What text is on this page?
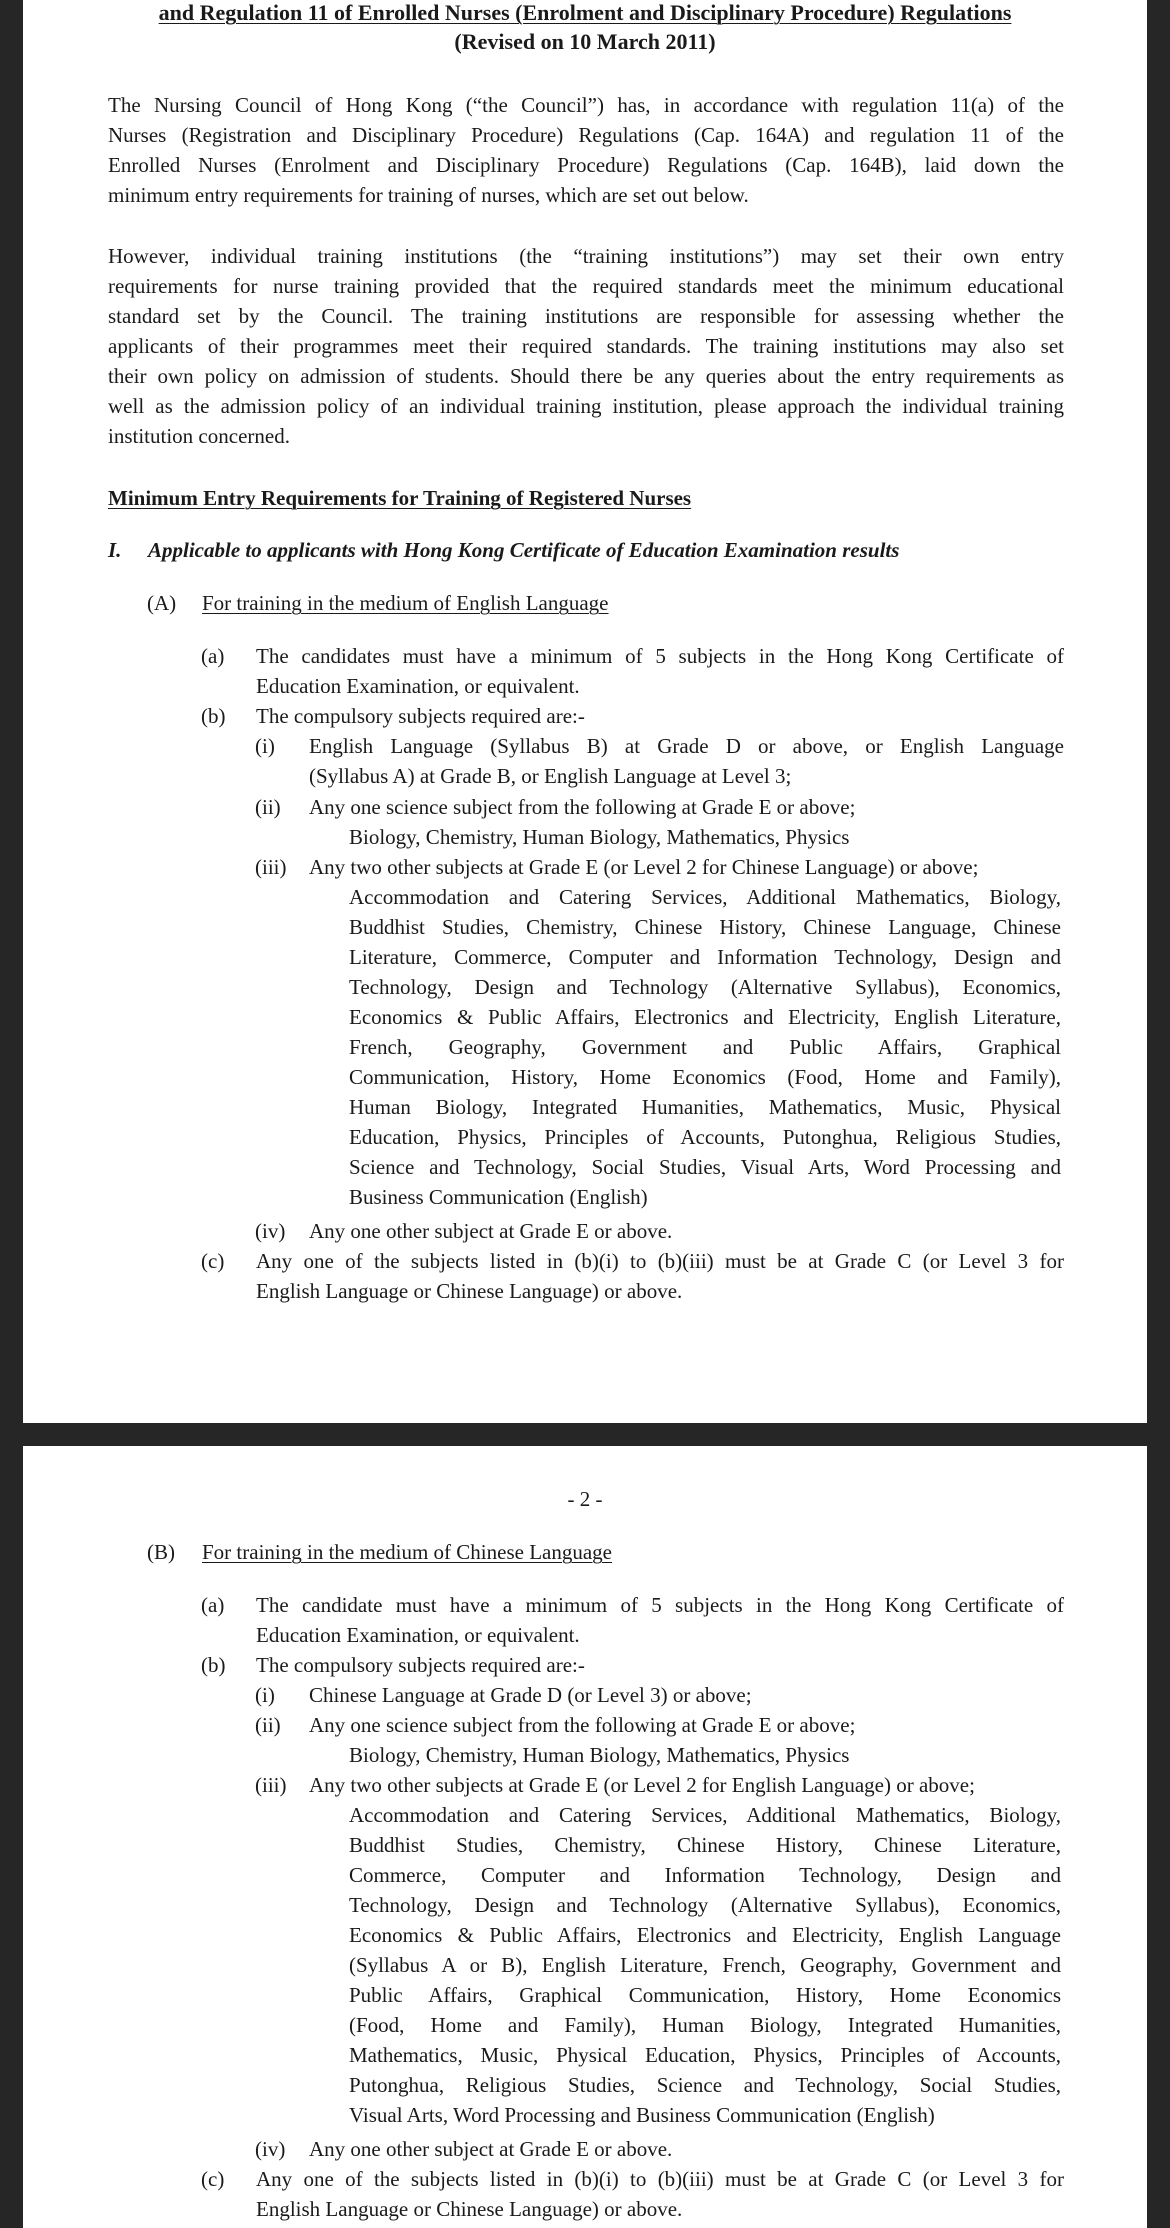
and Regulation 11 of Enrolled Nurses (Enrolment and Disciplinary Procedure) Regulations
(Revised on 10 March 2011)
The Nursing Council of Hong Kong (“the Council”) has, in accordance with regulation 11(a) of the
Nurses (Registration and Disciplinary Procedure) Regulations (Cap. 164A) and regulation 11 of the
Enrolled Nurses (Enrolment and Disciplinary Procedure) Regulations (Cap. 164B), laid down the
minimum entry requirements for training of nurses, which are set out below.
However, individual training institutions (the “training institutions”) may set their own entry
requirements for nurse training provided that the required standards meet the minimum educational
standard set by the Council. The training institutions are responsible for assessing whether the
applicants of their programmes meet their required standards. The training institutions may also set
their own policy on admission of students. Should there be any queries about the entry requirements as
well as the admission policy of an individual training institution, please approach the individual training
institution concerned.
Minimum Entry Requirements for Training of Registered Nurses
I. Applicable to applicants with Hong Kong Certificate of Education Examination results
(A) For training in the medium of English Language
(a) The candidates must have a minimum of 5 subjects in the Hong Kong Certificate of
Education Examination, or equivalent.
(b) The compulsory subjects required are:-
(i) English Language (Syllabus B) at Grade D or above, or English Language
(Syllabus A) at Grade B, or English Language at Level 3;
(ii) Any one science subject from the following at Grade E or above;
Biology, Chemistry, Human Biology, Mathematics, Physics
(iii) Any two other subjects at Grade E (or Level 2 for Chinese Language) or above;
Accommodation and Catering Services, Additional Mathematics, Biology,
Buddhist Studies, Chemistry, Chinese History, Chinese Language, Chinese
Literature, Commerce, Computer and Information Technology, Design and
Technology, Design and Technology (Alternative Syllabus), Economics,
Economics & Public Affairs, Electronics and Electricity, English Literature,
French, Geography, Government and Public Affairs, Graphical
Communication, History, Home Economics (Food, Home and Family),
Human Biology, Integrated Humanities, Mathematics, Music, Physical
Education, Physics, Principles of Accounts, Putonghua, Religious Studies,
Science and Technology, Social Studies, Visual Arts, Word Processing and
Business Communication (English)
(iv) Any one other subject at Grade E or above.
(c) Any one of the subjects listed in (b)(i) to (b)(iii) must be at Grade C (or Level 3 for
English Language or Chinese Language) or above.
- 2 -
(B) For training in the medium of Chinese Language
(a) The candidate must have a minimum of 5 subjects in the Hong Kong Certificate of
Education Examination, or equivalent.
(b) The compulsory subjects required are:-
(i) Chinese Language at Grade D (or Level 3) or above;
(ii) Any one science subject from the following at Grade E or above;
Biology, Chemistry, Human Biology, Mathematics, Physics
(iii) Any two other subjects at Grade E (or Level 2 for English Language) or above;
Accommodation and Catering Services, Additional Mathematics, Biology,
Buddhist Studies, Chemistry, Chinese History, Chinese Literature,
Commerce, Computer and Information Technology, Design and
Technology, Design and Technology (Alternative Syllabus), Economics,
Economics & Public Affairs, Electronics and Electricity, English Language
(Syllabus A or B), English Literature, French, Geography, Government and
Public Affairs, Graphical Communication, History, Home Economics
(Food, Home and Family), Human Biology, Integrated Humanities,
Mathematics, Music, Physical Education, Physics, Principles of Accounts,
Putonghua, Religious Studies, Science and Technology, Social Studies,
Visual Arts, Word Processing and Business Communication (English)
(iv) Any one other subject at Grade E or above.
(c) Any one of the subjects listed in (b)(i) to (b)(iii) must be at Grade C (or Level 3 for
English Language or Chinese Language) or above.
